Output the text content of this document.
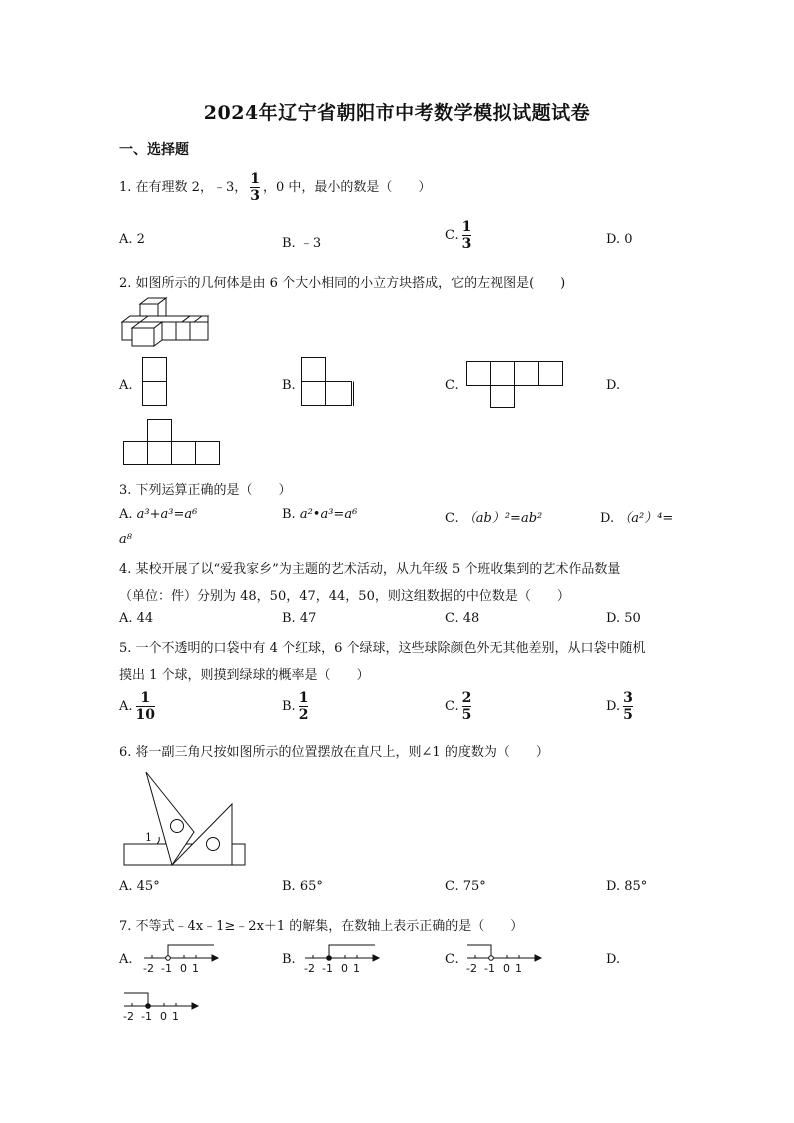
2024年辽宁省朝阳市中考数学模拟试题试卷
一、选择题
1. 在有理数 2，﹣3， $\frac{1}{3}$ ，0 中，最小的数是（　　）
A. 2	B. ﹣3
C. $\frac{1}{3}$	D. 0
2. 如图所示的几何体是由 6 个大小相同的小立方块搭成，它的左视图是(　　)
A.	B.	C.	D.
3. 下列运算正确的是（　　）
A. a³+a³=a⁶	B. a²•a³=a⁶	C. （ab）²=ab²	D. （a²）⁴=
a⁸
4. 某校开展了以“爱我家乡”为主题的艺术活动，从九年级 5 个班收集到的艺术作品数量
（单位：件）分别为 48，50，47，44，50，则这组数据的中位数是（　　）
A. 44	B. 47	C. 48	D. 50
5. 一个不透明的口袋中有 4 个红球，6 个绿球，这些球除颜色外无其他差别，从口袋中随机
摸出 1 个球，则摸到绿球的概率是（　　）
A. $\frac{1}{10}$	B. $\frac{1}{2}$	C. $\frac{2}{5}$	D. $\frac{3}{5}$
6. 将一副三角尺按如图所示的位置摆放在直尺上，则∠1 的度数为（　　）
1
A. 45°	B. 65°	C. 75°	D. 85°
7. 不等式﹣4x﹣1≥﹣2x＋1 的解集，在数轴上表示正确的是（　　）
A.
-2 -1 0 1
B.
-2 -1 0 1
C.
-2 -1 0 1
D.
-2 -1 0 1
